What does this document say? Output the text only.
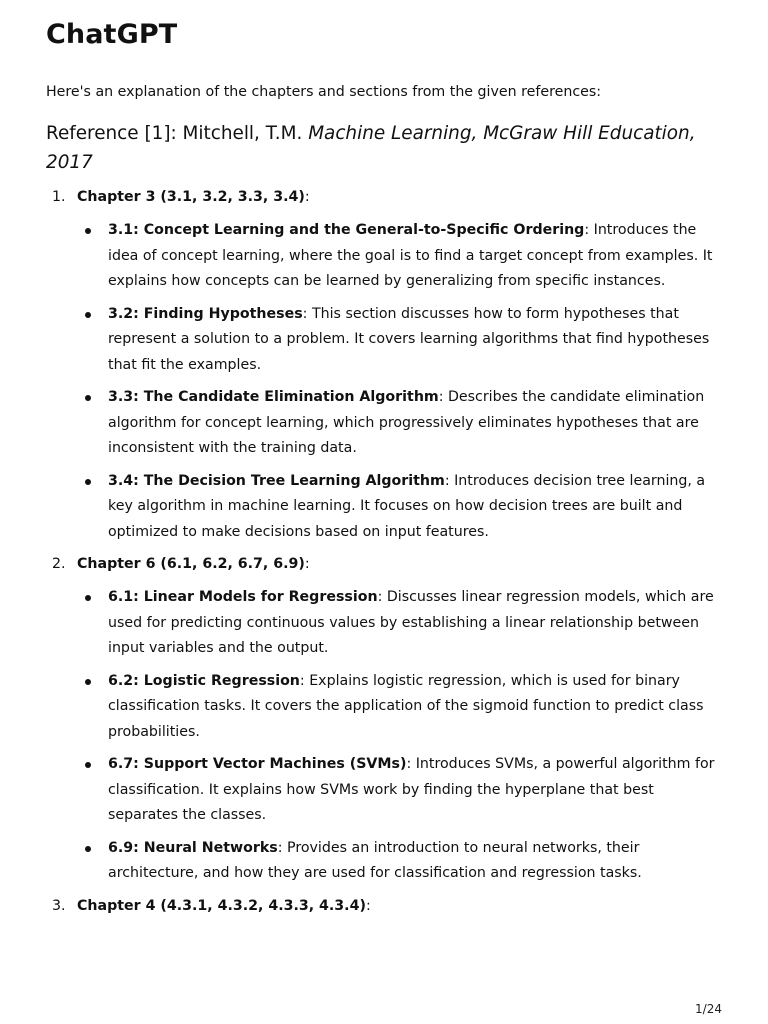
ChatGPT

Here's an explanation of the chapters and sections from the given references:

Reference [1]: Mitchell, T.M. Machine Learning, McGraw Hill Education, 2017
1. Chapter 3 (3.1, 3.2, 3.3, 3.4):
3.1: Concept Learning and the General-to-Specific Ordering: Introduces the idea of concept learning, where the goal is to find a target concept from examples. It explains how concepts can be learned by generalizing from specific instances.
3.2: Finding Hypotheses: This section discusses how to form hypotheses that represent a solution to a problem. It covers learning algorithms that find hypotheses that fit the examples.
3.3: The Candidate Elimination Algorithm: Describes the candidate elimination algorithm for concept learning, which progressively eliminates hypotheses that are inconsistent with the training data.
3.4: The Decision Tree Learning Algorithm: Introduces decision tree learning, a key algorithm in machine learning. It focuses on how decision trees are built and optimized to make decisions based on input features.
2. Chapter 6 (6.1, 6.2, 6.7, 6.9):
6.1: Linear Models for Regression: Discusses linear regression models, which are used for predicting continuous values by establishing a linear relationship between input variables and the output.
6.2: Logistic Regression: Explains logistic regression, which is used for binary classification tasks. It covers the application of the sigmoid function to predict class probabilities.
6.7: Support Vector Machines (SVMs): Introduces SVMs, a powerful algorithm for classification. It explains how SVMs work by finding the hyperplane that best separates the classes.
6.9: Neural Networks: Provides an introduction to neural networks, their architecture, and how they are used for classification and regression tasks.
3. Chapter 4 (4.3.1, 4.3.2, 4.3.3, 4.3.4):
1/24
